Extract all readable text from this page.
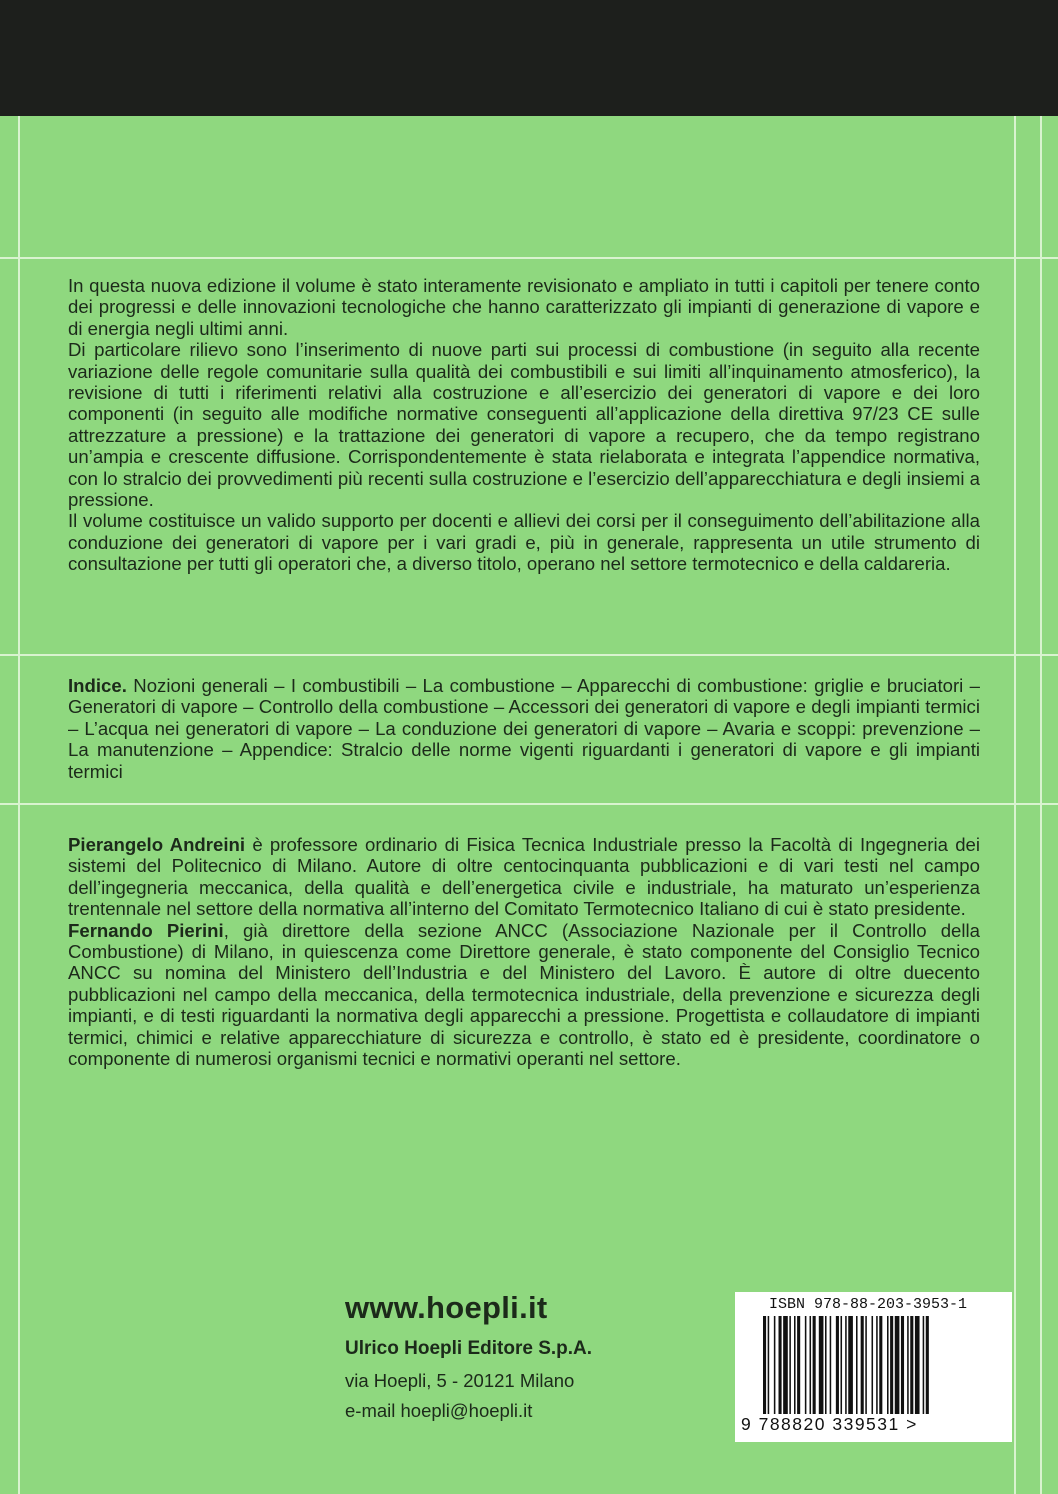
In questa nuova edizione il volume è stato interamente revisionato e ampliato in tutti i capitoli per tenere conto dei progressi e delle innovazioni tecnologiche che hanno caratterizzato gli impianti di generazione di vapore e di energia negli ultimi anni.

Di particolare rilievo sono l’inserimento di nuove parti sui processi di combustione (in seguito alla recente variazione delle regole comunitarie sulla qualità dei combustibili e sui limiti all’inquinamento atmosferico), la revisione di tutti i riferimenti relativi alla costruzione e all’esercizio dei generatori di vapore e dei loro componenti (in seguito alle modifiche normative conseguenti all’applicazione della direttiva 97/23 CE sulle attrezzature a pressione) e la trattazione dei generatori di vapore a recupero, che da tempo registrano un’ampia e crescente diffusione. Corrispondentemente è stata rielaborata e integrata l’appendice normativa, con lo stralcio dei provvedimenti più recenti sulla costruzione e l’esercizio dell’apparecchiatura e degli insiemi a pressione.

Il volume costituisce un valido supporto per docenti e allievi dei corsi per il conseguimento dell’abilitazione alla conduzione dei generatori di vapore per i vari gradi e, più in generale, rappresenta un utile strumento di consultazione per tutti gli operatori che, a diverso titolo, operano nel settore termotecnico e della caldareria.

Indice. Nozioni generali – I combustibili – La combustione – Apparecchi di combustione: griglie e bruciatori – Generatori di vapore – Controllo della combustione – Accessori dei generatori di vapore e degli impianti termici – L’acqua nei generatori di vapore – La conduzione dei generatori di vapore – Avaria e scoppi: prevenzione – La manutenzione – Appendice: Stralcio delle norme vigenti riguardanti i generatori di vapore e gli impianti termici

Pierangelo Andreini è professore ordinario di Fisica Tecnica Industriale presso la Facoltà di Ingegneria dei sistemi del Politecnico di Milano. Autore di oltre centocinquanta pubblicazioni e di vari testi nel campo dell’ingegneria meccanica, della qualità e dell’energetica civile e industriale, ha maturato un’esperienza trentennale nel settore della normativa all’interno del Comitato Termotecnico Italiano di cui è stato presidente.

Fernando Pierini, già direttore della sezione ANCC (Associazione Nazionale per il Controllo della Combustione) di Milano, in quiescenza come Direttore generale, è stato componente del Consiglio Tecnico ANCC su nomina del Ministero dell’Industria e del Ministero del Lavoro. È autore di oltre duecento pubblicazioni nel campo della meccanica, della termotecnica industriale, della prevenzione e sicurezza degli impianti, e di testi riguardanti la normativa degli apparecchi a pressione. Progettista e collaudatore di impianti termici, chimici e relative apparecchiature di sicurezza e controllo, è stato ed è presidente, coordinatore o componente di numerosi organismi tecnici e normativi operanti nel settore.

www.hoepli.it
Ulrico Hoepli Editore S.p.A.
via Hoepli, 5 - 20121 Milano
e-mail hoepli@hoepli.it
ISBN 978-88-203-3953-1
9 788820 339531 >
